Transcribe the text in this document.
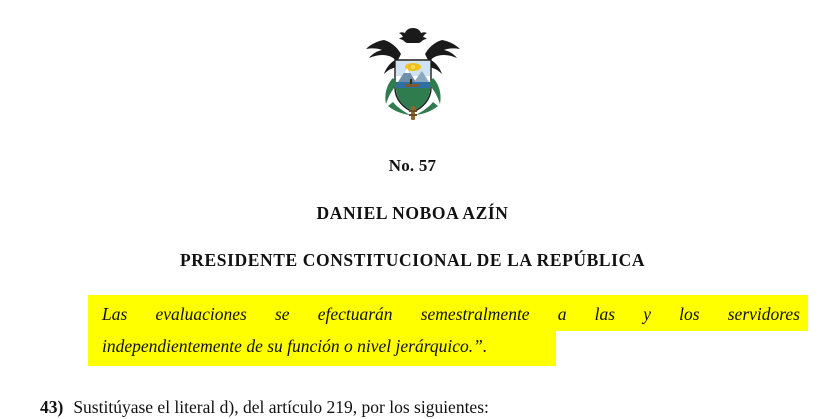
No. 57
DANIEL NOBOA AZÍN
PRESIDENTE CONSTITUCIONAL DE LA REPÚBLICA
Las evaluaciones se efectuarán semestralmente a las y los servidores
independientemente de su función o nivel jerárquico.”.
43) Sustitúyase el literal d), del artículo 219, por los siguientes:
